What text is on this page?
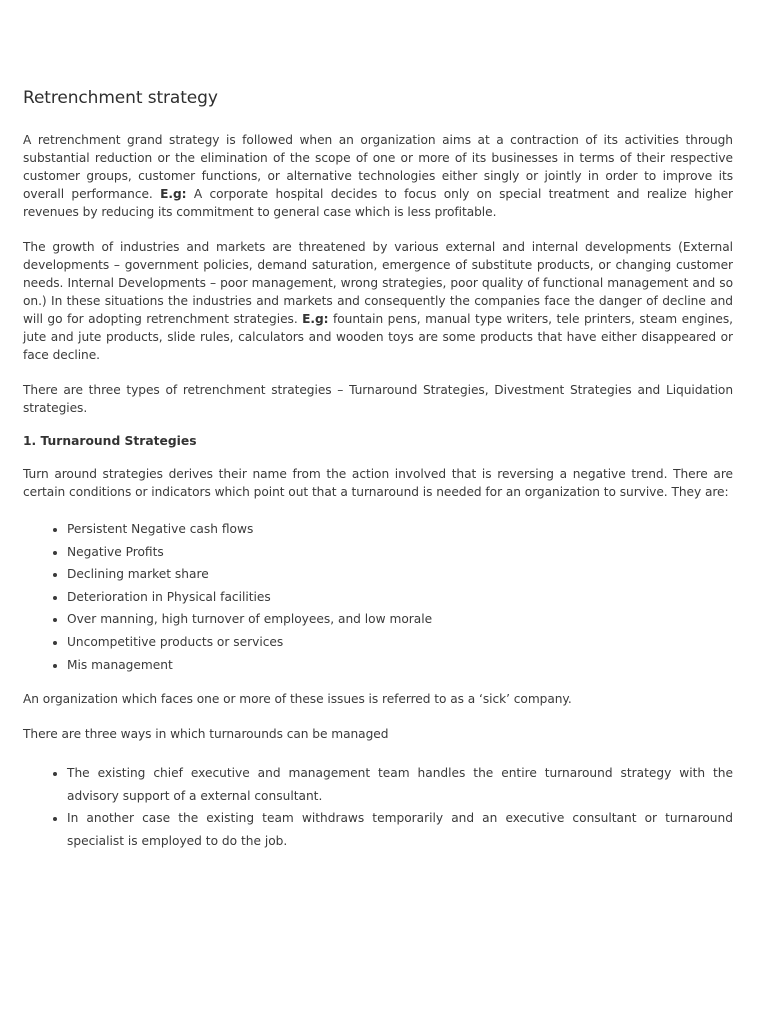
Retrenchment strategy

A retrenchment grand strategy is followed when an organization aims at a contraction of its activities through substantial reduction or the elimination of the scope of one or more of its businesses in terms of their respective customer groups, customer functions, or alternative technologies either singly or jointly in order to improve its overall performance. E.g: A corporate hospital decides to focus only on special treatment and realize higher revenues by reducing its commitment to general case which is less profitable.

The growth of industries and markets are threatened by various external and internal developments (External developments – government policies, demand saturation, emergence of substitute products, or changing customer needs. Internal Developments – poor management, wrong strategies, poor quality of functional management and so on.) In these situations the industries and markets and consequently the companies face the danger of decline and will go for adopting retrenchment strategies. E.g: fountain pens, manual type writers, tele printers, steam engines, jute and jute products, slide rules, calculators and wooden toys are some products that have either disappeared or face decline.

There are three types of retrenchment strategies – Turnaround Strategies, Divestment Strategies and Liquidation strategies.

1. Turnaround Strategies

Turn around strategies derives their name from the action involved that is reversing a negative trend. There are certain conditions or indicators which point out that a turnaround is needed for an organization to survive. They are:

• Persistent Negative cash flows
• Negative Profits
• Declining market share
• Deterioration in Physical facilities
• Over manning, high turnover of employees, and low morale
• Uncompetitive products or services
• Mis management

An organization which faces one or more of these issues is referred to as a ‘sick’ company.

There are three ways in which turnarounds can be managed

• The existing chief executive and management team handles the entire turnaround strategy with the advisory support of a external consultant.
• In another case the existing team withdraws temporarily and an executive consultant or turnaround specialist is employed to do the job.
